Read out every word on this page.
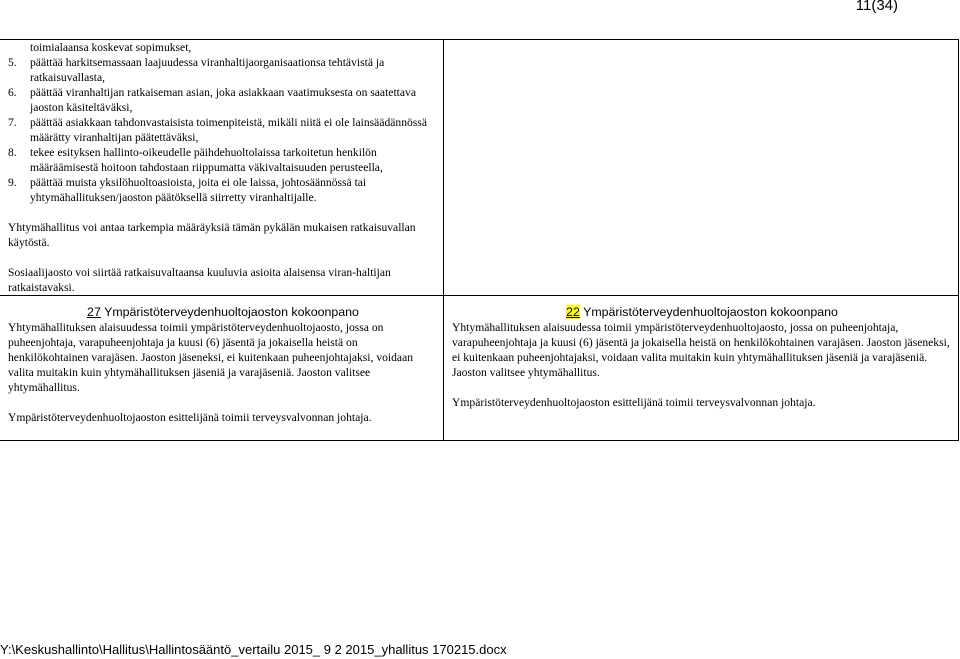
11(34)

toimialaansa koskevat sopimukset,

5. päättää harkitsemassaan laajuudessa viranhaltijaorganisaationsa tehtävistä ja ratkaisuvallasta,
6. päättää viranhaltijan ratkaiseman asian, joka asiakkaan vaatimuksesta on saatettava jaoston käsiteltäväksi,
7. päättää asiakkaan tahdonvastaisista toimenpiteistä, mikäli niitä ei ole lainsäädännössä määrätty viranhaltijan päätettäväksi,
8. tekee esityksen hallinto-oikeudelle päihdehuoltolaissa tarkoitetun henkilön määräämisestä hoitoon tahdostaan riippumatta väkivaltaisuuden perusteella,
9. päättää muista yksilöhuoltoasioista, joita ei ole laissa, johtosäännössä tai yhtymähallituksen/jaoston päätöksellä siirretty viranhaltijalle.

Yhtymähallitus voi antaa tarkempia määräyksiä tämän pykälän mukaisen ratkaisuvallan käytöstä.

Sosiaalijaosto voi siirtää ratkaisuvaltaansa kuuluvia asioita alaisensa viran-haltijan ratkaistavaksi.

27 Ympäristöterveydenhuoltojaoston kokoonpano

Yhtymähallituksen alaisuudessa toimii ympäristöterveydenhuoltojaosto, jossa on puheenjohtaja, varapuheenjohtaja ja kuusi (6) jäsentä ja jokaisella heistä on henkilökohtainen varajäsen. Jaoston jäseneksi, ei kuitenkaan puheenjohtajaksi, voidaan valita muitakin kuin yhtymähallituksen jäseniä ja varajäseniä. Jaoston valitsee yhtymähallitus.

Ympäristöterveydenhuoltojaoston esittelijänä toimii terveysvalvonnan johtaja.

22 Ympäristöterveydenhuoltojaoston kokoonpano

Yhtymähallituksen alaisuudessa toimii ympäristöterveydenhuoltojaosto, jossa on puheenjohtaja, varapuheenjohtaja ja kuusi (6) jäsentä ja jokaisella heistä on henkilökohtainen varajäsen. Jaoston jäseneksi, ei kuitenkaan puheenjohtajaksi, voidaan valita muitakin kuin yhtymähallituksen jäseniä ja varajäseniä. Jaoston valitsee yhtymähallitus.

Ympäristöterveydenhuoltojaoston esittelijänä toimii terveysvalvonnan johtaja.

Y:\Keskushallinto\Hallitus\Hallintosääntö_vertailu 2015_ 9 2 2015_yhallitus 170215.docx
